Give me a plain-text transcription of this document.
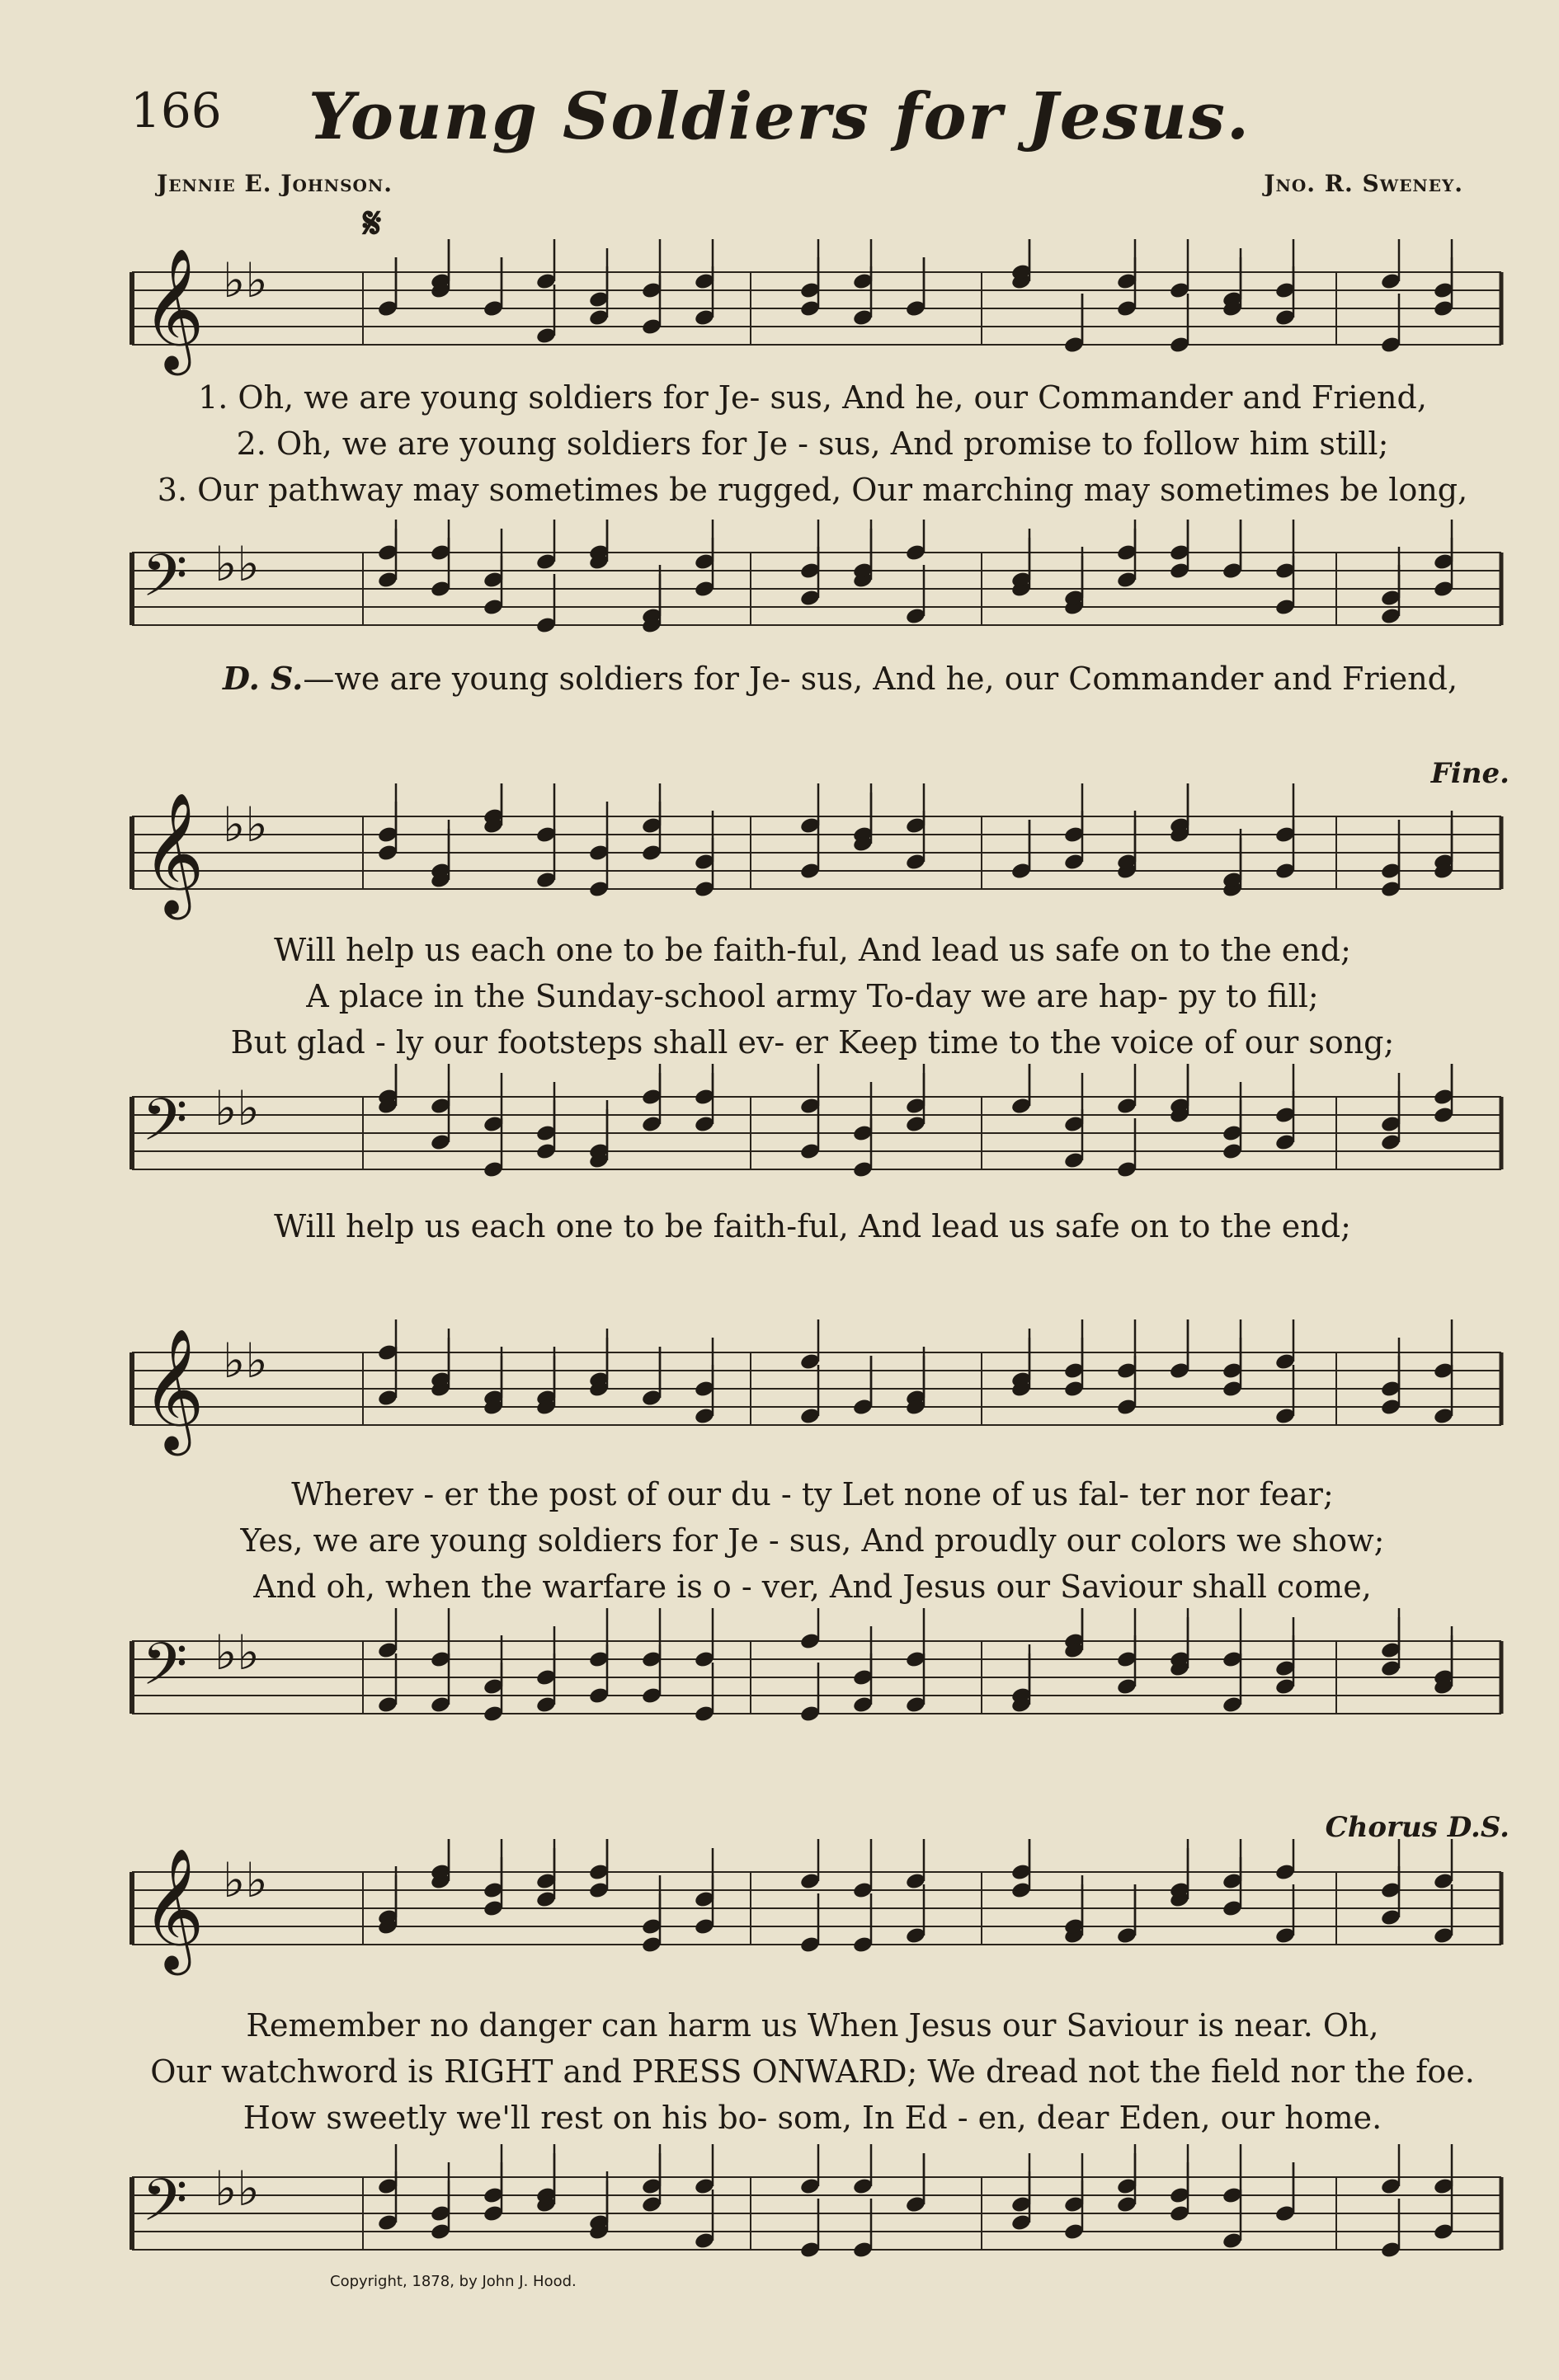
166	Young Soldiers for Jesus.
Jennie E. Johnson.	Jno. R. Sweney.
𝄋
𝄞 ♭♭
1. Oh, we are young soldiers for Je- sus, And he, our Commander and Friend,
2. Oh, we are young soldiers for Je - sus, And promise to follow him still;
3. Our pathway may sometimes be rugged, Our marching may sometimes be long,
𝄢 ♭♭
D. S.—we are young soldiers for Je- sus, And he, our Commander and Friend,
Fine.
𝄞 ♭♭
Will help us each one to be faith-ful, And lead us safe on to the end;
A place in the Sunday-school army To-day we are hap- py to fill;
But glad - ly our footsteps shall ev- er Keep time to the voice of our song;
𝄢 ♭♭
Will help us each one to be faith-ful, And lead us safe on to the end;
𝄞 ♭♭
Wherev - er the post of our du - ty Let none of us fal- ter nor fear;
Yes, we are young soldiers for Je - sus, And proudly our colors we show;
And oh, when the warfare is o - ver, And Jesus our Saviour shall come,
𝄢 ♭♭
Chorus D.S.
𝄞 ♭♭
Remember no danger can harm us When Jesus our Saviour is near. Oh,
Our watchword is RIGHT and PRESS ONWARD; We dread not the field nor the foe.
How sweetly we'll rest on his bo- som, In Ed - en, dear Eden, our home.
𝄢 ♭♭
Copyright, 1878, by John J. Hood.
